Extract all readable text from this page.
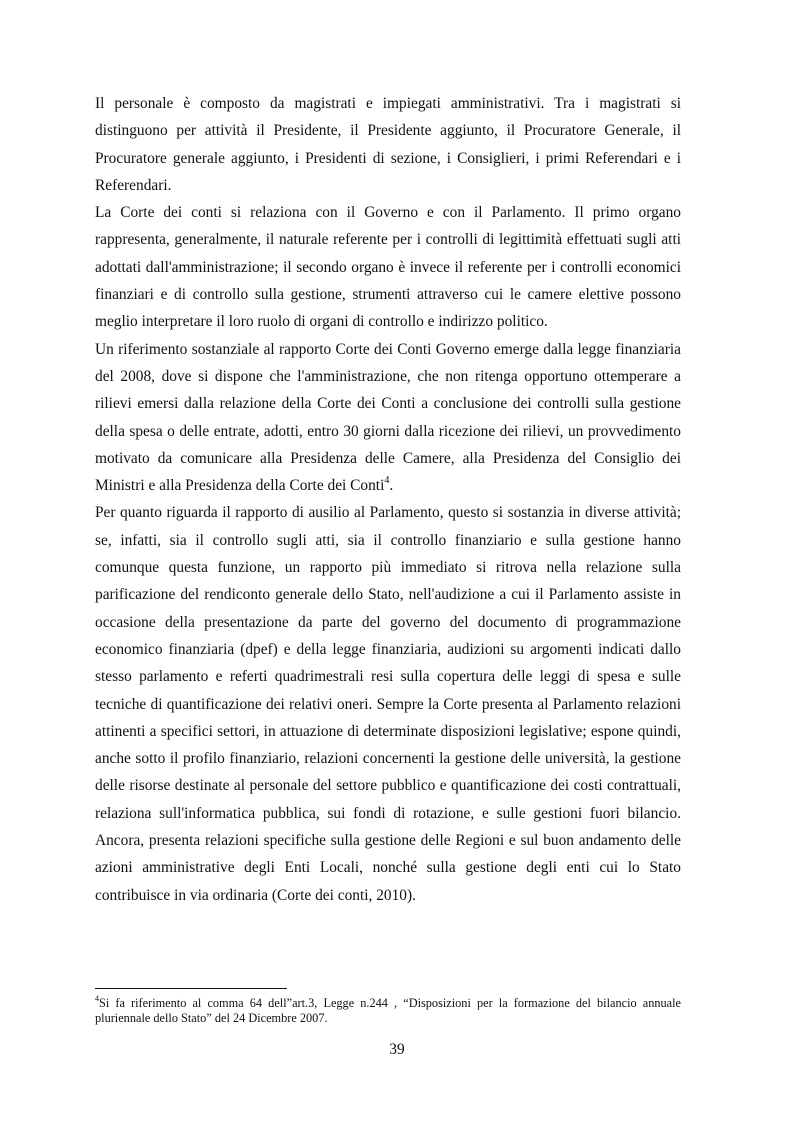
Il personale è composto da magistrati e impiegati amministrativi. Tra i magistrati si distinguono per attività il Presidente, il Presidente aggiunto, il Procuratore Generale, il Procuratore generale aggiunto, i Presidenti di sezione, i Consiglieri, i primi Referendari e i Referendari.

La Corte dei conti si relaziona con il Governo e con il Parlamento. Il primo organo rappresenta, generalmente, il naturale referente per i controlli di legittimità effettuati sugli atti adottati dall'amministrazione; il secondo organo è invece il referente per i controlli economici finanziari e di controllo sulla gestione, strumenti attraverso cui le camere elettive possono meglio interpretare il loro ruolo di organi di controllo e indirizzo politico.

Un riferimento sostanziale al rapporto Corte dei Conti Governo emerge dalla legge finanziaria del 2008, dove si dispone che l'amministrazione, che non ritenga opportuno ottemperare a rilievi emersi dalla relazione della Corte dei Conti a conclusione dei controlli sulla gestione della spesa o delle entrate, adotti, entro 30 giorni dalla ricezione dei rilievi, un provvedimento motivato da comunicare alla Presidenza delle Camere, alla Presidenza del Consiglio dei Ministri e alla Presidenza della Corte dei Conti$^4$.

Per quanto riguarda il rapporto di ausilio al Parlamento, questo si sostanzia in diverse attività; se, infatti, sia il controllo sugli atti, sia il controllo finanziario e sulla gestione hanno comunque questa funzione, un rapporto più immediato si ritrova nella relazione sulla parificazione del rendiconto generale dello Stato, nell'audizione a cui il Parlamento assiste in occasione della presentazione da parte del governo del documento di programmazione economico finanziaria (dpef) e della legge finanziaria, audizioni su argomenti indicati dallo stesso parlamento e referti quadrimestrali resi sulla copertura delle leggi di spesa e sulle tecniche di quantificazione dei relativi oneri. Sempre la Corte presenta al Parlamento relazioni attinenti a specifici settori, in attuazione di determinate disposizioni legislative; espone quindi, anche sotto il profilo finanziario, relazioni concernenti la gestione delle università, la gestione delle risorse destinate al personale del settore pubblico e quantificazione dei costi contrattuali, relaziona sull'informatica pubblica, sui fondi di rotazione, e sulle gestioni fuori bilancio. Ancora, presenta relazioni specifiche sulla gestione delle Regioni e sul buon andamento delle azioni amministrative degli Enti Locali, nonché sulla gestione degli enti cui lo Stato contribuisce in via ordinaria (Corte dei conti, 2010).

$^4$Si fa riferimento al comma 64 dell”art.3, Legge n.244 , “Disposizioni per la formazione del bilancio annuale pluriennale dello Stato” del 24 Dicembre 2007.

39
